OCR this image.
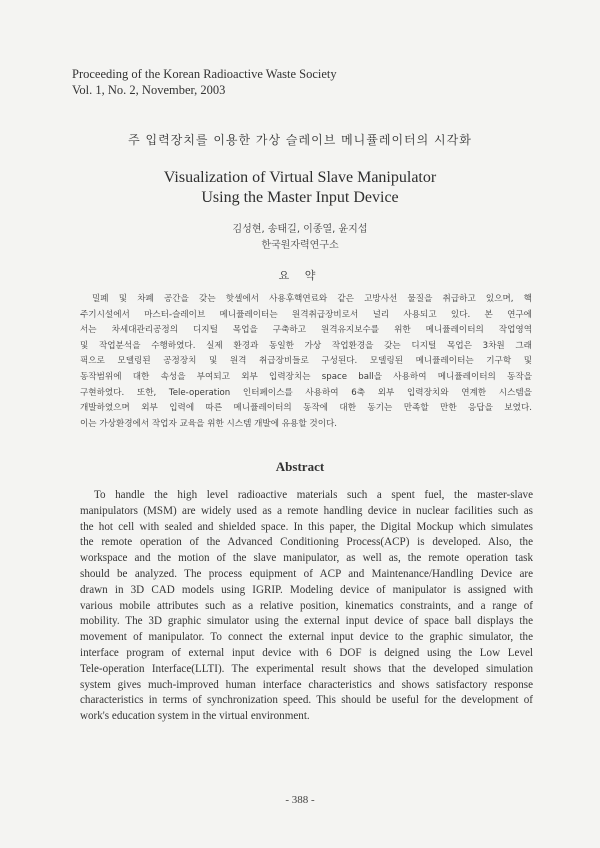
Proceeding of the Korean Radioactive Waste Society
Vol. 1, No. 2, November, 2003
주 입력장치를 이용한 가상 슬레이브 메니퓰레이터의 시각화
Visualization of Virtual Slave Manipulator
Using the Master Input Device
김성현, 송태길, 이종열, 윤지섭
한국원자력연구소
요 약
밀폐 및 차폐 공간을 갖는 핫셀에서 사용후핵연료와 같은 고방사선 물질을 취급하고 있으며, 핵
주기시설에서 마스터-슬레이브 메니퓰레이터는 원격취급장비로서 널리 사용되고 있다. 본 연구에
서는 차세대관리공정의 디지털 목업을 구축하고 원격유지보수를 위한 메니퓰레이터의 작업영역
및 작업분석을 수행하였다. 실제 환경과 동일한 가상 작업환경을 갖는 디지털 목업은 3차원 그래
픽으로 모델링된 공정장치 및 원격 취급장비들로 구성된다. 모델링된 메니퓰레이터는 기구학 및
동작범위에 대한 속성을 부여되고 외부 입력장치는 space ball을 사용하여 메니퓰레이터의 동작을
구현하였다. 또한, Tele-operation 인터페이스를 사용하여 6축 외부 입력장치와 연계한 시스템을
개발하였으며 외부 입력에 따른 메니퓰레이터의 동작에 대한 동기는 만족할 만한 응답을 보였다.
이는 가상환경에서 작업자 교육을 위한 시스템 개발에 유용할 것이다.
Abstract
To handle the high level radioactive materials such a spent fuel, the master-slave
manipulators (MSM) are widely used as a remote handling device in nuclear facilities such as
the hot cell with sealed and shielded space. In this paper, the Digital Mockup which simulates
the remote operation of the Advanced Conditioning Process(ACP) is developed. Also, the
workspace and the motion of the slave manipulator, as well as, the remote operation task
should be analyzed. The process equipment of ACP and Maintenance/Handling Device are
drawn in 3D CAD models using IGRIP. Modeling device of manipulator is assigned with
various mobile attributes such as a relative position, kinematics constraints, and a range of
mobility. The 3D graphic simulator using the external input device of space ball displays the
movement of manipulator. To connect the external input device to the graphic simulator, the
interface program of external input device with 6 DOF is deigned using the Low Level
Tele-operation Interface(LLTI). The experimental result shows that the developed simulation
system gives much-improved human interface characteristics and shows satisfactory response
characteristics in terms of synchronization speed. This should be useful for the development of
work's education system in the virtual environment.
- 388 -
